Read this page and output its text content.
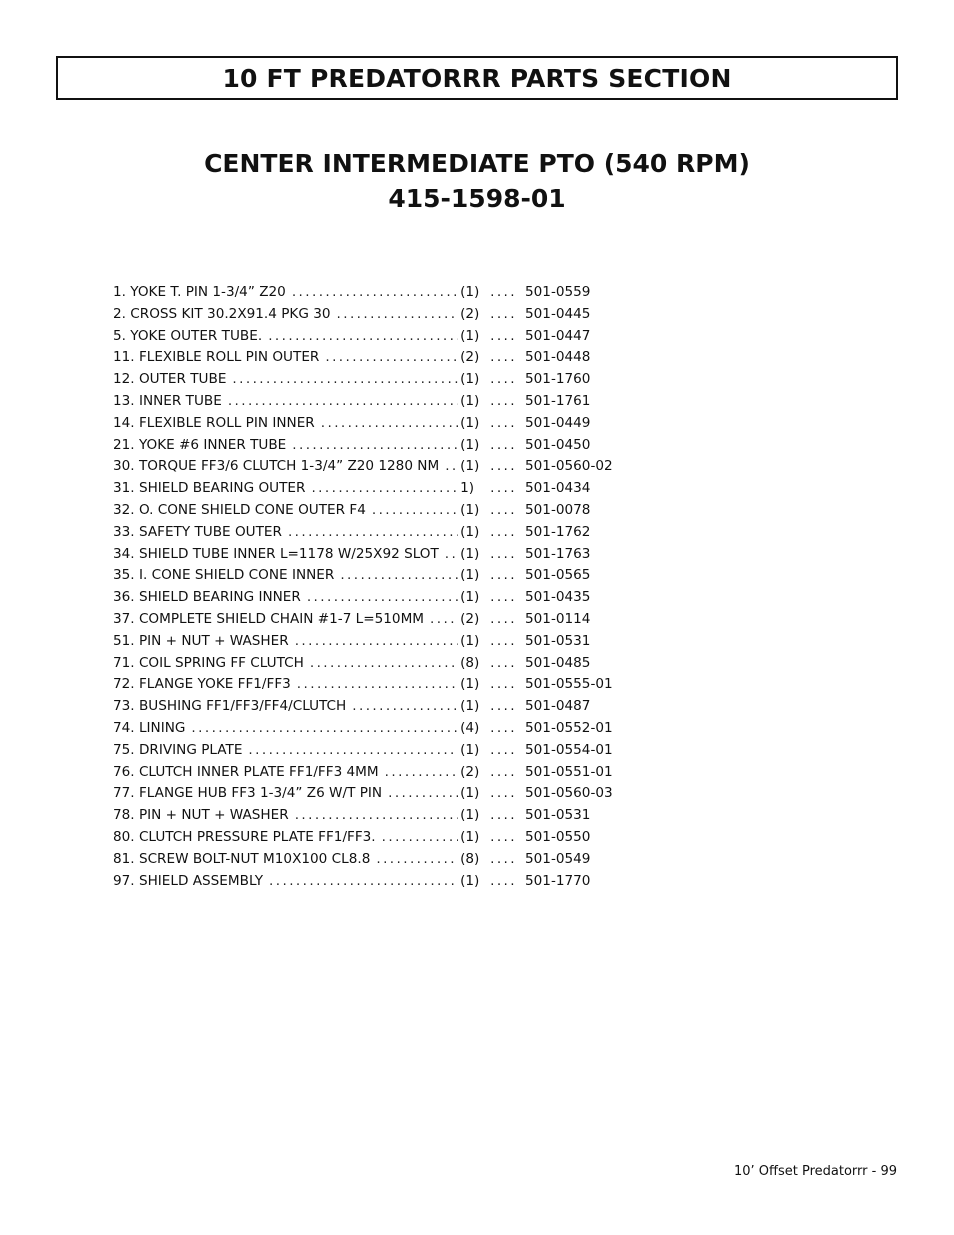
10 FT PREDATORRR PARTS SECTION
CENTER INTERMEDIATE PTO (540 RPM)
415-1598-01
1. YOKE T. PIN 1-3/4” Z20 .....	(1) ....	501-0559
2. CROSS KIT 30.2X91.4 PKG 30 .....	(2) ....	501-0445
5. YOKE OUTER TUBE. .....	(1) ....	501-0447
11. FLEXIBLE ROLL PIN OUTER .....	(2) ....	501-0448
12. OUTER TUBE .....	(1) ....	501-1760
13. INNER TUBE .....	(1) ....	501-1761
14. FLEXIBLE ROLL PIN INNER .....	(1) ....	501-0449
21. YOKE #6 INNER TUBE .....	(1) ....	501-0450
30. TORQUE FF3/6 CLUTCH 1-3/4” Z20 1280 NM ..... (1) ....	501-0560-02
31. SHIELD BEARING OUTER .....	1) ....	501-0434
32. O. CONE SHIELD CONE OUTER F4 .....	(1) ....	501-0078
33. SAFETY TUBE OUTER .....	(1) ....	501-1762
34. SHIELD TUBE INNER L=1178 W/25X92 SLOT ..... (1) ....	501-1763
35. I. CONE SHIELD CONE INNER .....	(1) ....	501-0565
36. SHIELD BEARING INNER .....	(1) ....	501-0435
37. COMPLETE SHIELD CHAIN #1-7 L=510MM .....	(2) ....	501-0114
51. PIN + NUT + WASHER .....	(1) ....	501-0531
71. COIL SPRING FF CLUTCH .....	(8) ....	501-0485
72. FLANGE YOKE FF1/FF3 .....	(1) ....	501-0555-01
73. BUSHING FF1/FF3/FF4/CLUTCH .....	(1) ....	501-0487
74. LINING .....	(4) ....	501-0552-01
75. DRIVING PLATE .....	(1) ....	501-0554-01
76. CLUTCH INNER PLATE FF1/FF3 4MM .....	(2) ....	501-0551-01
77. FLANGE HUB FF3 1-3/4” Z6 W/T PIN .....	(1) ....	501-0560-03
78. PIN + NUT + WASHER .....	(1) ....	501-0531
80. CLUTCH PRESSURE PLATE FF1/FF3. .....	(1) ....	501-0550
81. SCREW BOLT-NUT M10X100 CL8.8 .....	(8) ....	501-0549
97. SHIELD ASSEMBLY .....	(1) ....	501-1770
10’ Offset Predatorrr - 99
